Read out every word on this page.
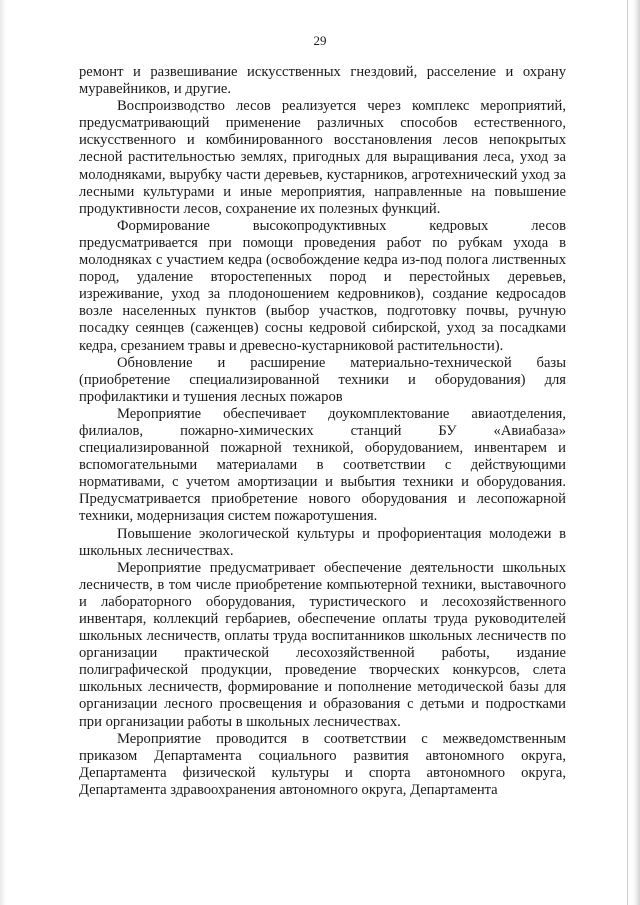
29

ремонт и развешивание искусственных гнездовий, расселение и охрану муравейников, и другие.

Воспроизводство лесов реализуется через комплекс мероприятий, предусматривающий применение различных способов естественного, искусственного и комбинированного восстановления лесов непокрытых лесной растительностью землях, пригодных для выращивания леса, уход за молодняками, вырубку части деревьев, кустарников, агротехнический уход за лесными культурами и иные мероприятия, направленные на повышение продуктивности лесов, сохранение их полезных функций.

Формирование высокопродуктивных кедровых лесов предусматривается при помощи проведения работ по рубкам ухода в молодняках с участием кедра (освобождение кедра из-под полога лиственных пород, удаление второстепенных пород и перестойных деревьев, изреживание, уход за плодоношением кедровников), создание кедросадов возле населенных пунктов (выбор участков, подготовку почвы, ручную посадку сеянцев (саженцев) сосны кедровой сибирской, уход за посадками кедра, срезанием травы и древесно-кустарниковой растительности).

Обновление и расширение материально-технической базы (приобретение специализированной техники и оборудования) для профилактики и тушения лесных пожаров

Мероприятие обеспечивает доукомплектование авиаотделения, филиалов, пожарно-химических станций БУ «Авиабаза» специализированной пожарной техникой, оборудованием, инвентарем и вспомогательными материалами в соответствии с действующими нормативами, с учетом амортизации и выбытия техники и оборудования. Предусматривается приобретение нового оборудования и лесопожарной техники, модернизация систем пожаротушения.

Повышение экологической культуры и профориентация молодежи в школьных лесничествах.

Мероприятие предусматривает обеспечение деятельности школьных лесничеств, в том числе приобретение компьютерной техники, выставочного и лабораторного оборудования, туристического и лесохозяйственного инвентаря, коллекций гербариев, обеспечение оплаты труда руководителей школьных лесничеств, оплаты труда воспитанников школьных лесничеств по организации практической лесохозяйственной работы, издание полиграфической продукции, проведение творческих конкурсов, слета школьных лесничеств, формирование и пополнение методической базы для организации лесного просвещения и образования с детьми и подростками при организации работы в школьных лесничествах.

Мероприятие проводится в соответствии с межведомственным приказом Департамента социального развития автономного округа, Департамента физической культуры и спорта автономного округа, Департамента здравоохранения автономного округа, Департамента
